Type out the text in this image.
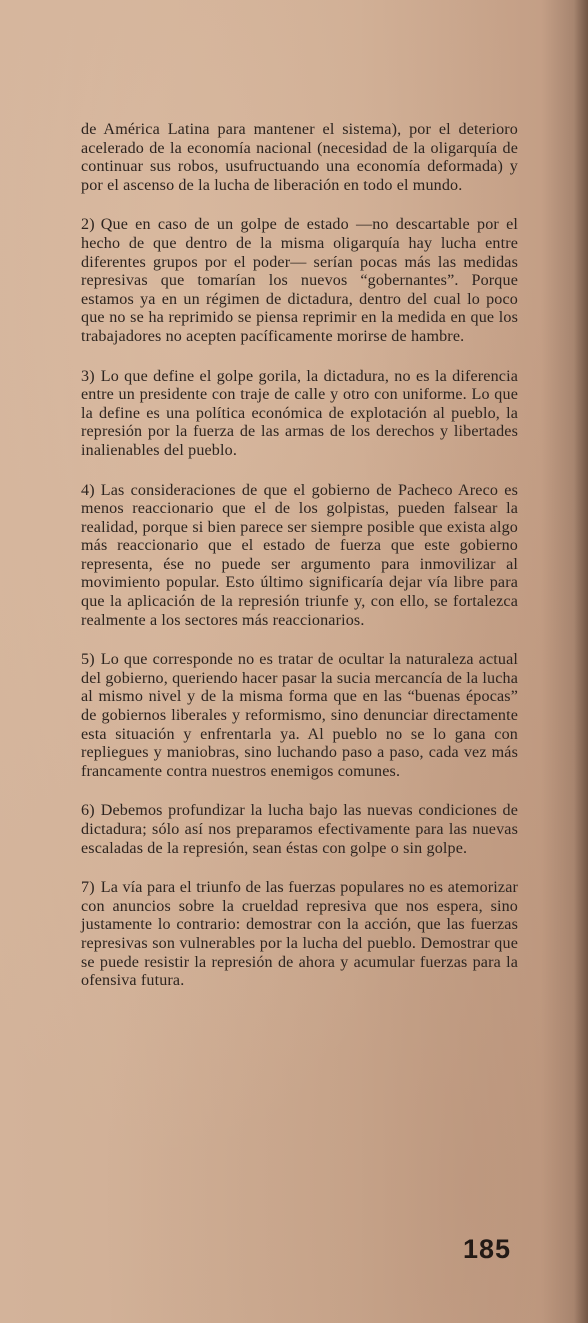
de América Latina para mantener el sistema), por el deterioro acelerado de la economía nacional (necesidad de la oligarquía de continuar sus robos, usufructuando una economía deformada) y por el ascenso de la lucha de liberación en todo el mundo.

2) Que en caso de un golpe de estado —no descartable por el hecho de que dentro de la misma oligarquía hay lucha entre diferentes grupos por el poder— serían pocas más las medidas represivas que tomarían los nuevos “gobernantes”. Porque estamos ya en un régimen de dictadura, dentro del cual lo poco que no se ha reprimido se piensa reprimir en la medida en que los trabajadores no acepten pacíficamente morirse de hambre.

3) Lo que define el golpe gorila, la dictadura, no es la diferencia entre un presidente con traje de calle y otro con uniforme. Lo que la define es una política económica de explotación al pueblo, la represión por la fuerza de las armas de los derechos y libertades inalienables del pueblo.

4) Las consideraciones de que el gobierno de Pacheco Areco es menos reaccionario que el de los golpistas, pueden falsear la realidad, porque si bien parece ser siempre posible que exista algo más reaccionario que el estado de fuerza que este gobierno representa, ése no puede ser argumento para inmovilizar al movimiento popular. Esto último significaría dejar vía libre para que la aplicación de la represión triunfe y, con ello, se fortalezca realmente a los sectores más reaccionarios.

5) Lo que corresponde no es tratar de ocultar la naturaleza actual del gobierno, queriendo hacer pasar la sucia mercancía de la lucha al mismo nivel y de la misma forma que en las “buenas épocas” de gobiernos liberales y reformismo, sino denunciar directamente esta situación y enfrentarla ya. Al pueblo no se lo gana con repliegues y maniobras, sino luchando paso a paso, cada vez más francamente contra nuestros enemigos comunes.

6) Debemos profundizar la lucha bajo las nuevas condiciones de dictadura; sólo así nos preparamos efectivamente para las nuevas escaladas de la represión, sean éstas con golpe o sin golpe.

7) La vía para el triunfo de las fuerzas populares no es atemorizar con anuncios sobre la crueldad represiva que nos espera, sino justamente lo contrario: demostrar con la acción, que las fuerzas represivas son vulnerables por la lucha del pueblo. Demostrar que se puede resistir la represión de ahora y acumular fuerzas para la ofensiva futura.

185
